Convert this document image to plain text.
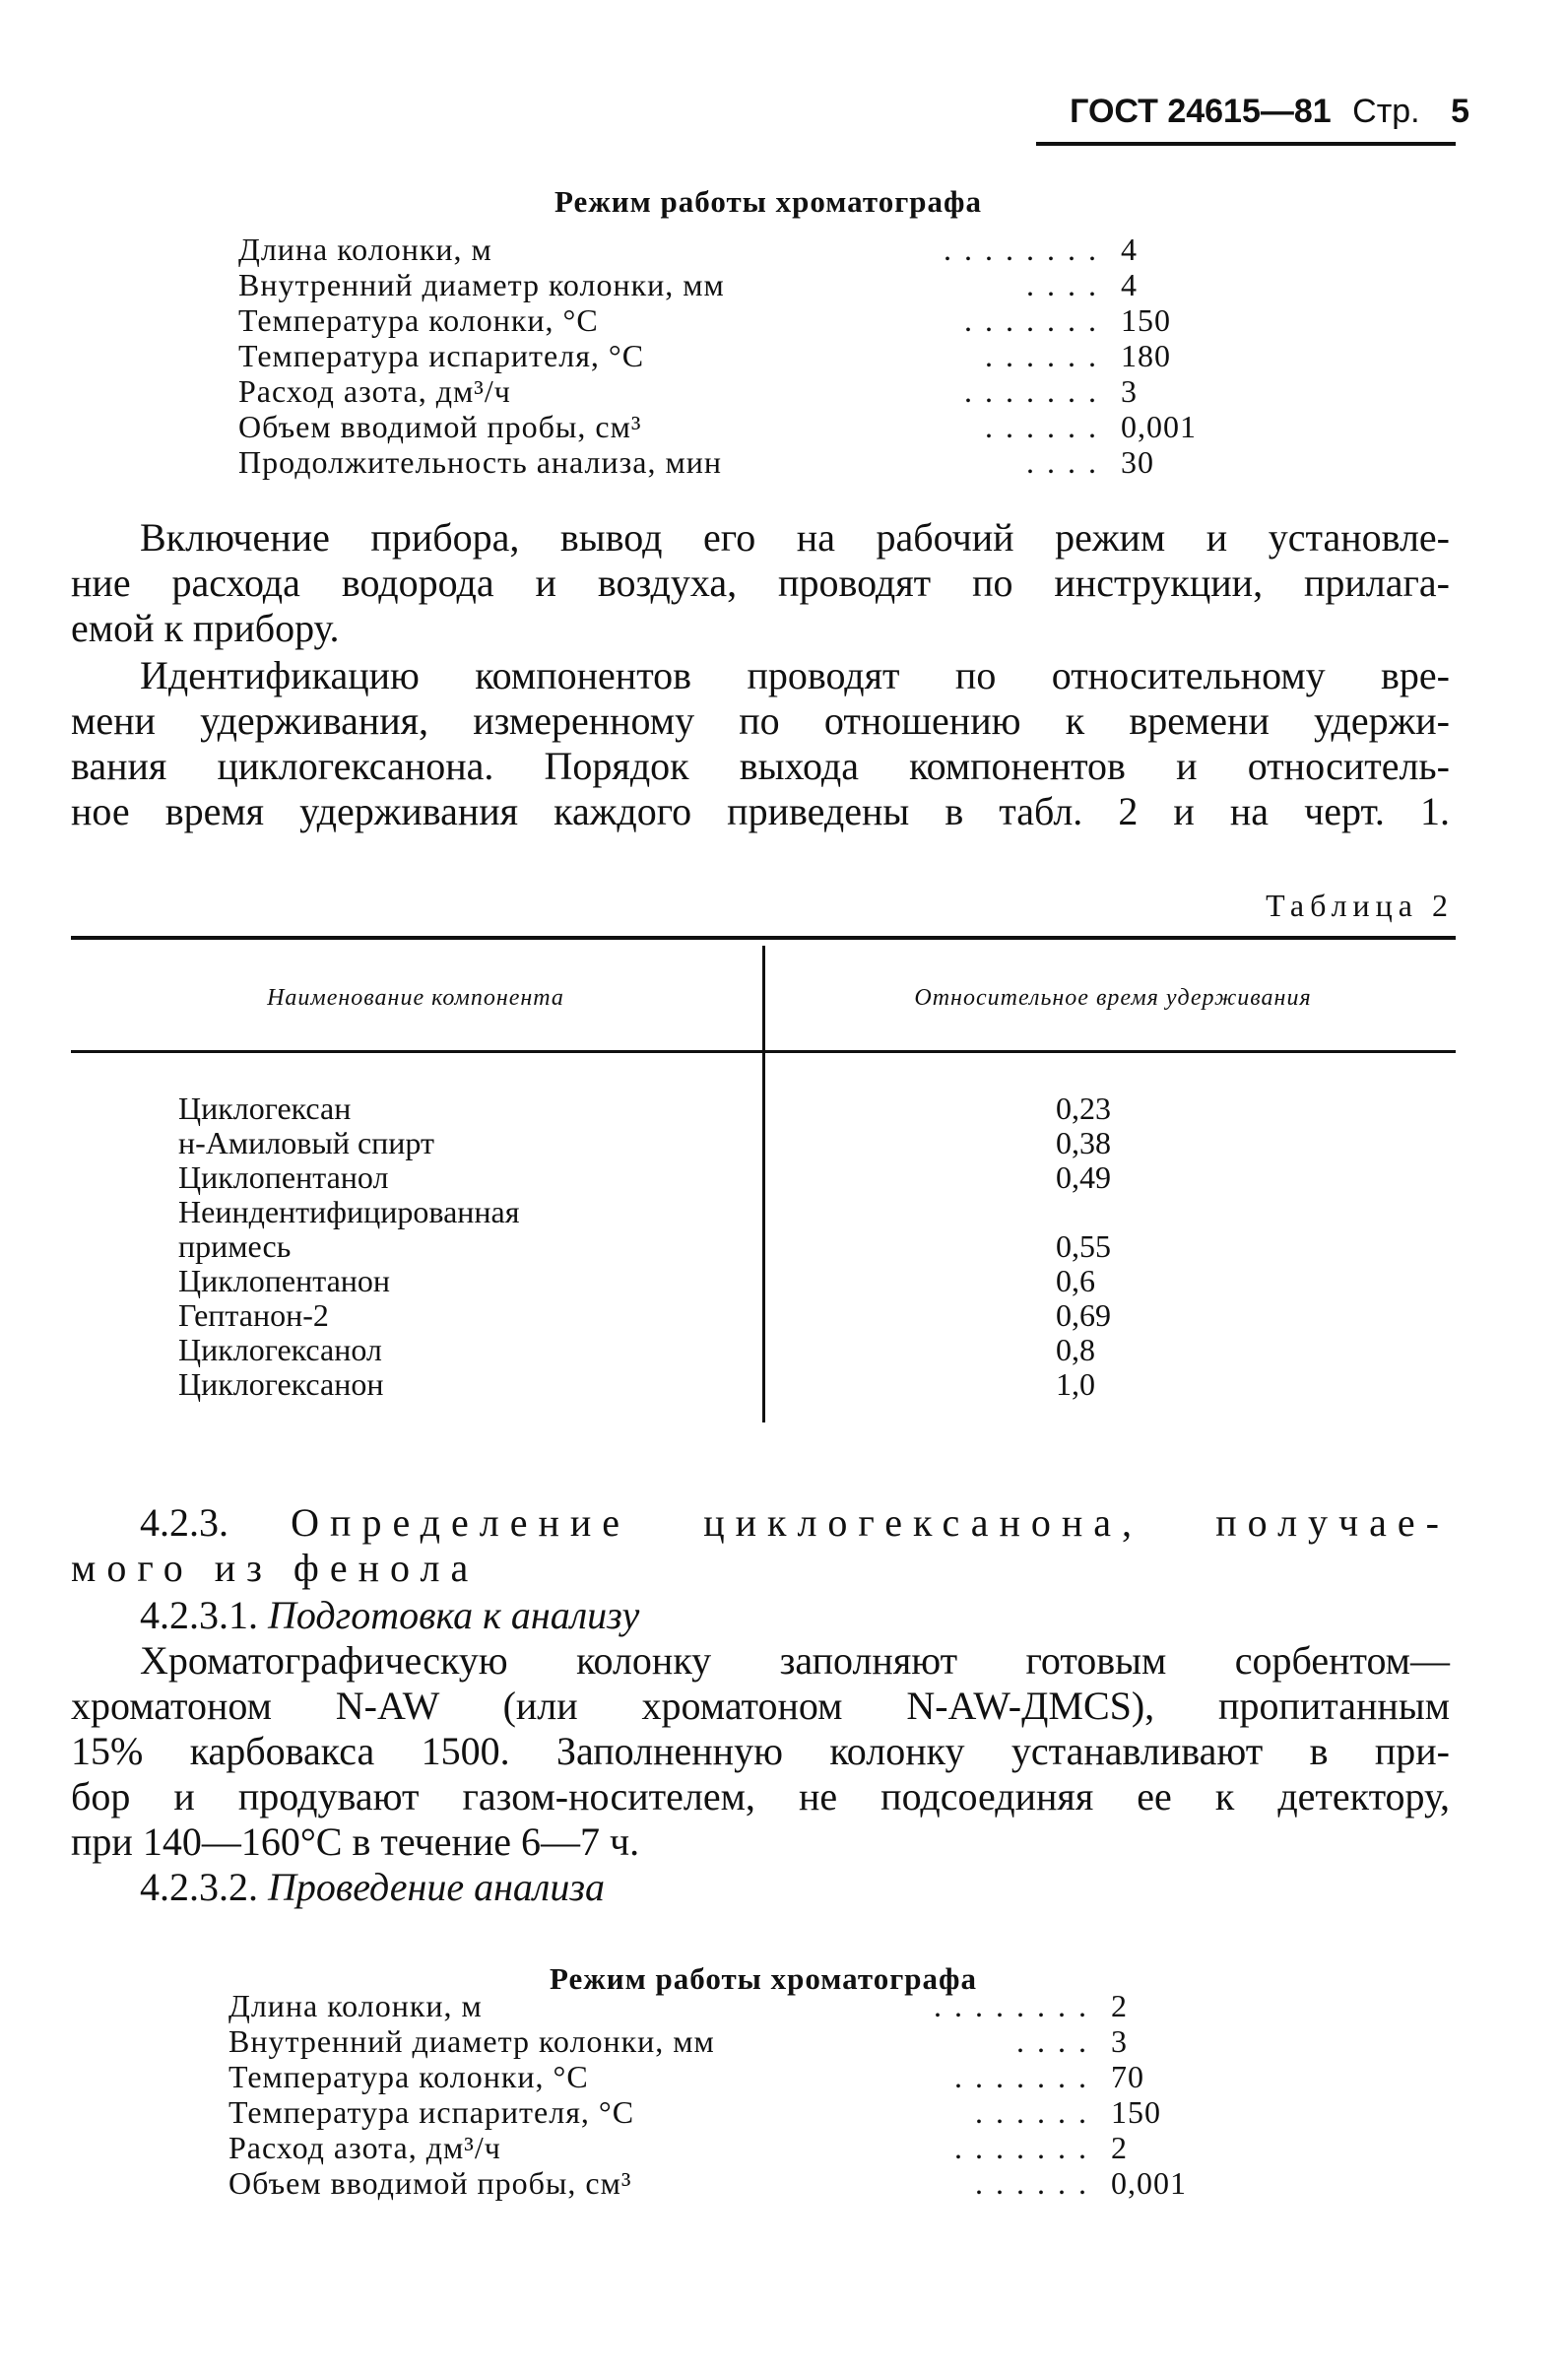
ГОСТ 24615—81 Стр. 5
Режим работы хроматографа
Длина колонки, м	........ 4
Внутренний диаметр колонки, мм	.... 4
Температура колонки, °С	....... 150
Температура испарителя, °С	...... 180
Расход азота, дм³/ч	....... 3
Объем вводимой пробы, см³	...... 0,001
Продолжительность анализа, мин	.... 30
Включение прибора, вывод его на рабочий режим и установле-
ние расхода водорода и воздуха, проводят по инструкции, прилага-
емой к прибору.
Идентификацию компонентов проводят по относительному вре-
мени удерживания, измеренному по отношению к времени удержи-
вания циклогексанона. Порядок выхода компонентов и относитель-
ное время удерживания каждого приведены в табл. 2 и на черт. 1.
Таблица 2
Наименование компонента	Относительное время удерживания
Циклогексан	0,23
н-Амиловый спирт	0,38
Циклопентанол	0,49
Неиндентифицированная
примесь	0,55
Циклопентанон	0,6
Гептанон-2	0,69
Циклогексанол	0,8
Циклогексанон	1,0
4.2.3. Определение циклогексанона, получае-
мого из фенола
4.2.3.1. Подготовка к анализу
Хроматографическую колонку заполняют готовым сорбентом—
хроматоном N-AW (или хроматоном N-AW-ДМCS), пропитанным
15% карбовакса 1500. Заполненную колонку устанавливают в при-
бор и продувают газом-носителем, не подсоединяя ее к детектору,
при 140—160°С в течение 6—7 ч.
4.2.3.2. Проведение анализа
Режим работы хроматографа
Длина колонки, м	........ 2
Внутренний диаметр колонки, мм	.... 3
Температура колонки, °С	....... 70
Температура испарителя, °С	...... 150
Расход азота, дм³/ч	....... 2
Объем вводимой пробы, см³	...... 0,001
